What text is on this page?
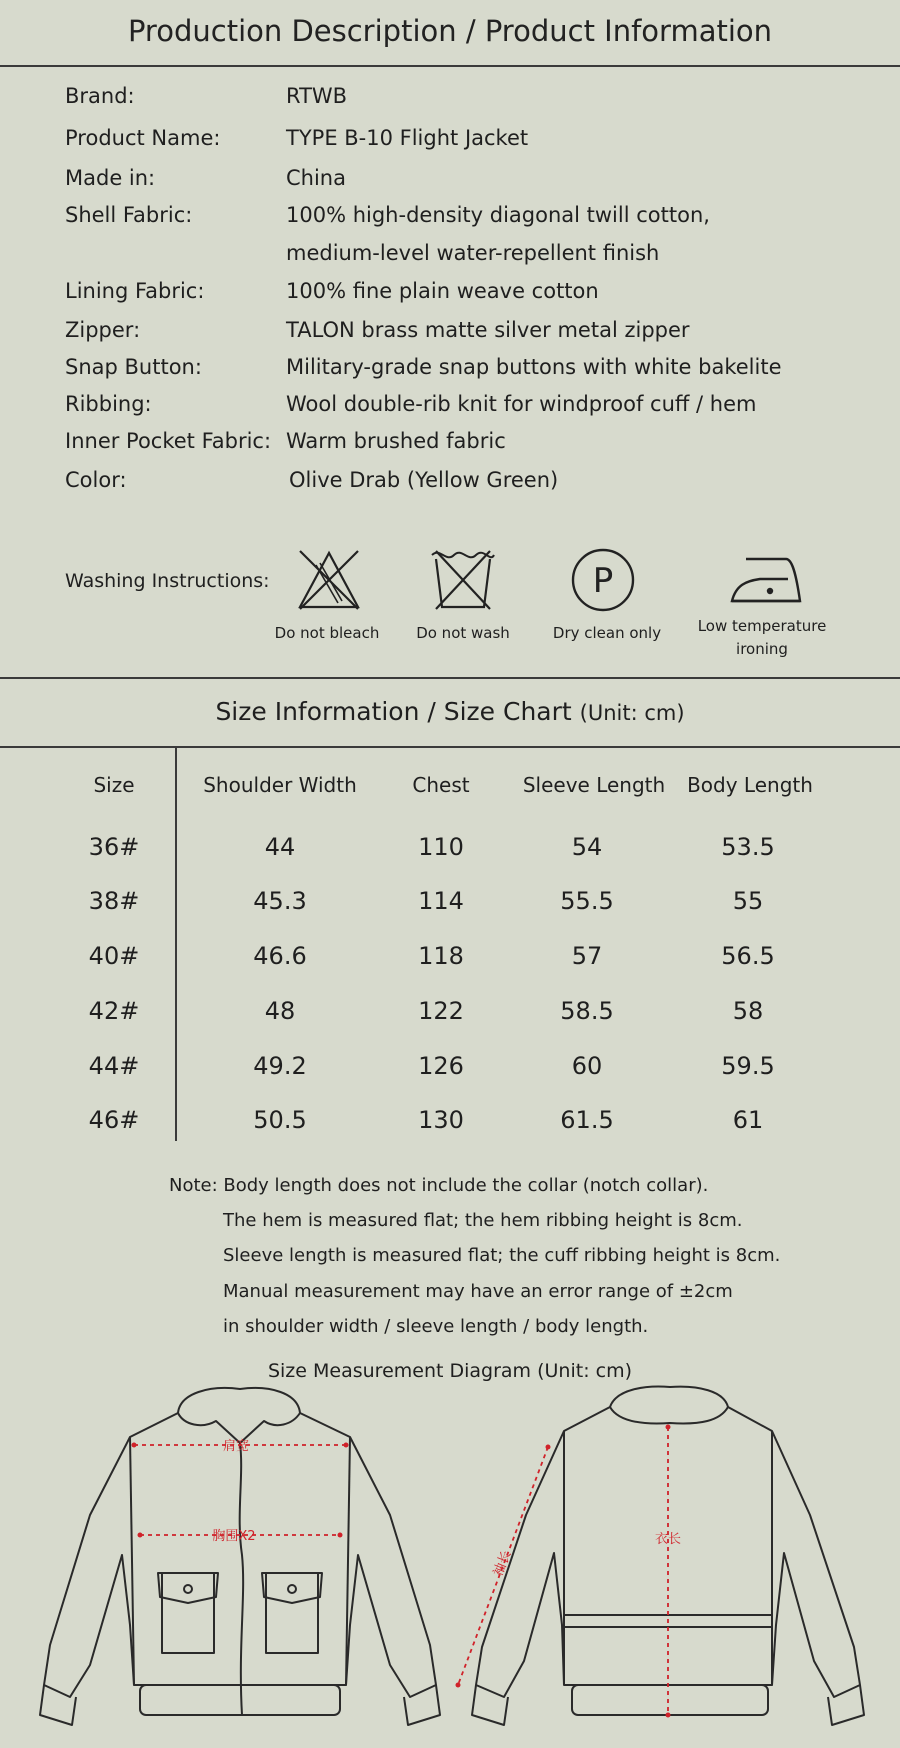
Production Description / Product Information
Brand:	RTWB
Product Name:	TYPE B-10 Flight Jacket
Made in:	China
Shell Fabric:	100% high-density diagonal twill cotton,
medium-level water-repellent finish
Lining Fabric:	100% fine plain weave cotton
Zipper:	TALON brass matte silver metal zipper
Snap Button:	Military-grade snap buttons with white bakelite
Ribbing:	Wool double-rib knit for windproof cuff / hem
Inner Pocket Fabric: Warm brushed fabric
Color:	Olive Drab (Yellow Green)
Washing Instructions:
Do not bleach	Do not wash
P
Dry clean only	Low temperature
ironing
Size Information / Size Chart (Unit: cm)
Size	Shoulder Width	Chest	Sleeve Length	Body Length
36#	44	110	54	53.5
38#	45.3	114	55.5	55
40#	46.6	118	57	56.5
42#	48	122	58.5	58
44#	49.2	126	60	59.5
46#	50.5	130	61.5	61
Note: Body length does not include the collar (notch collar).
The hem is measured flat; the hem ribbing height is 8cm.
Sleeve length is measured flat; the cuff ribbing height is 8cm.
Manual measurement may have an error range of ±2cm
in shoulder width / sleeve length / body length.
Size Measurement Diagram (Unit: cm)
肩宽
胸围X2
袖长
衣长
